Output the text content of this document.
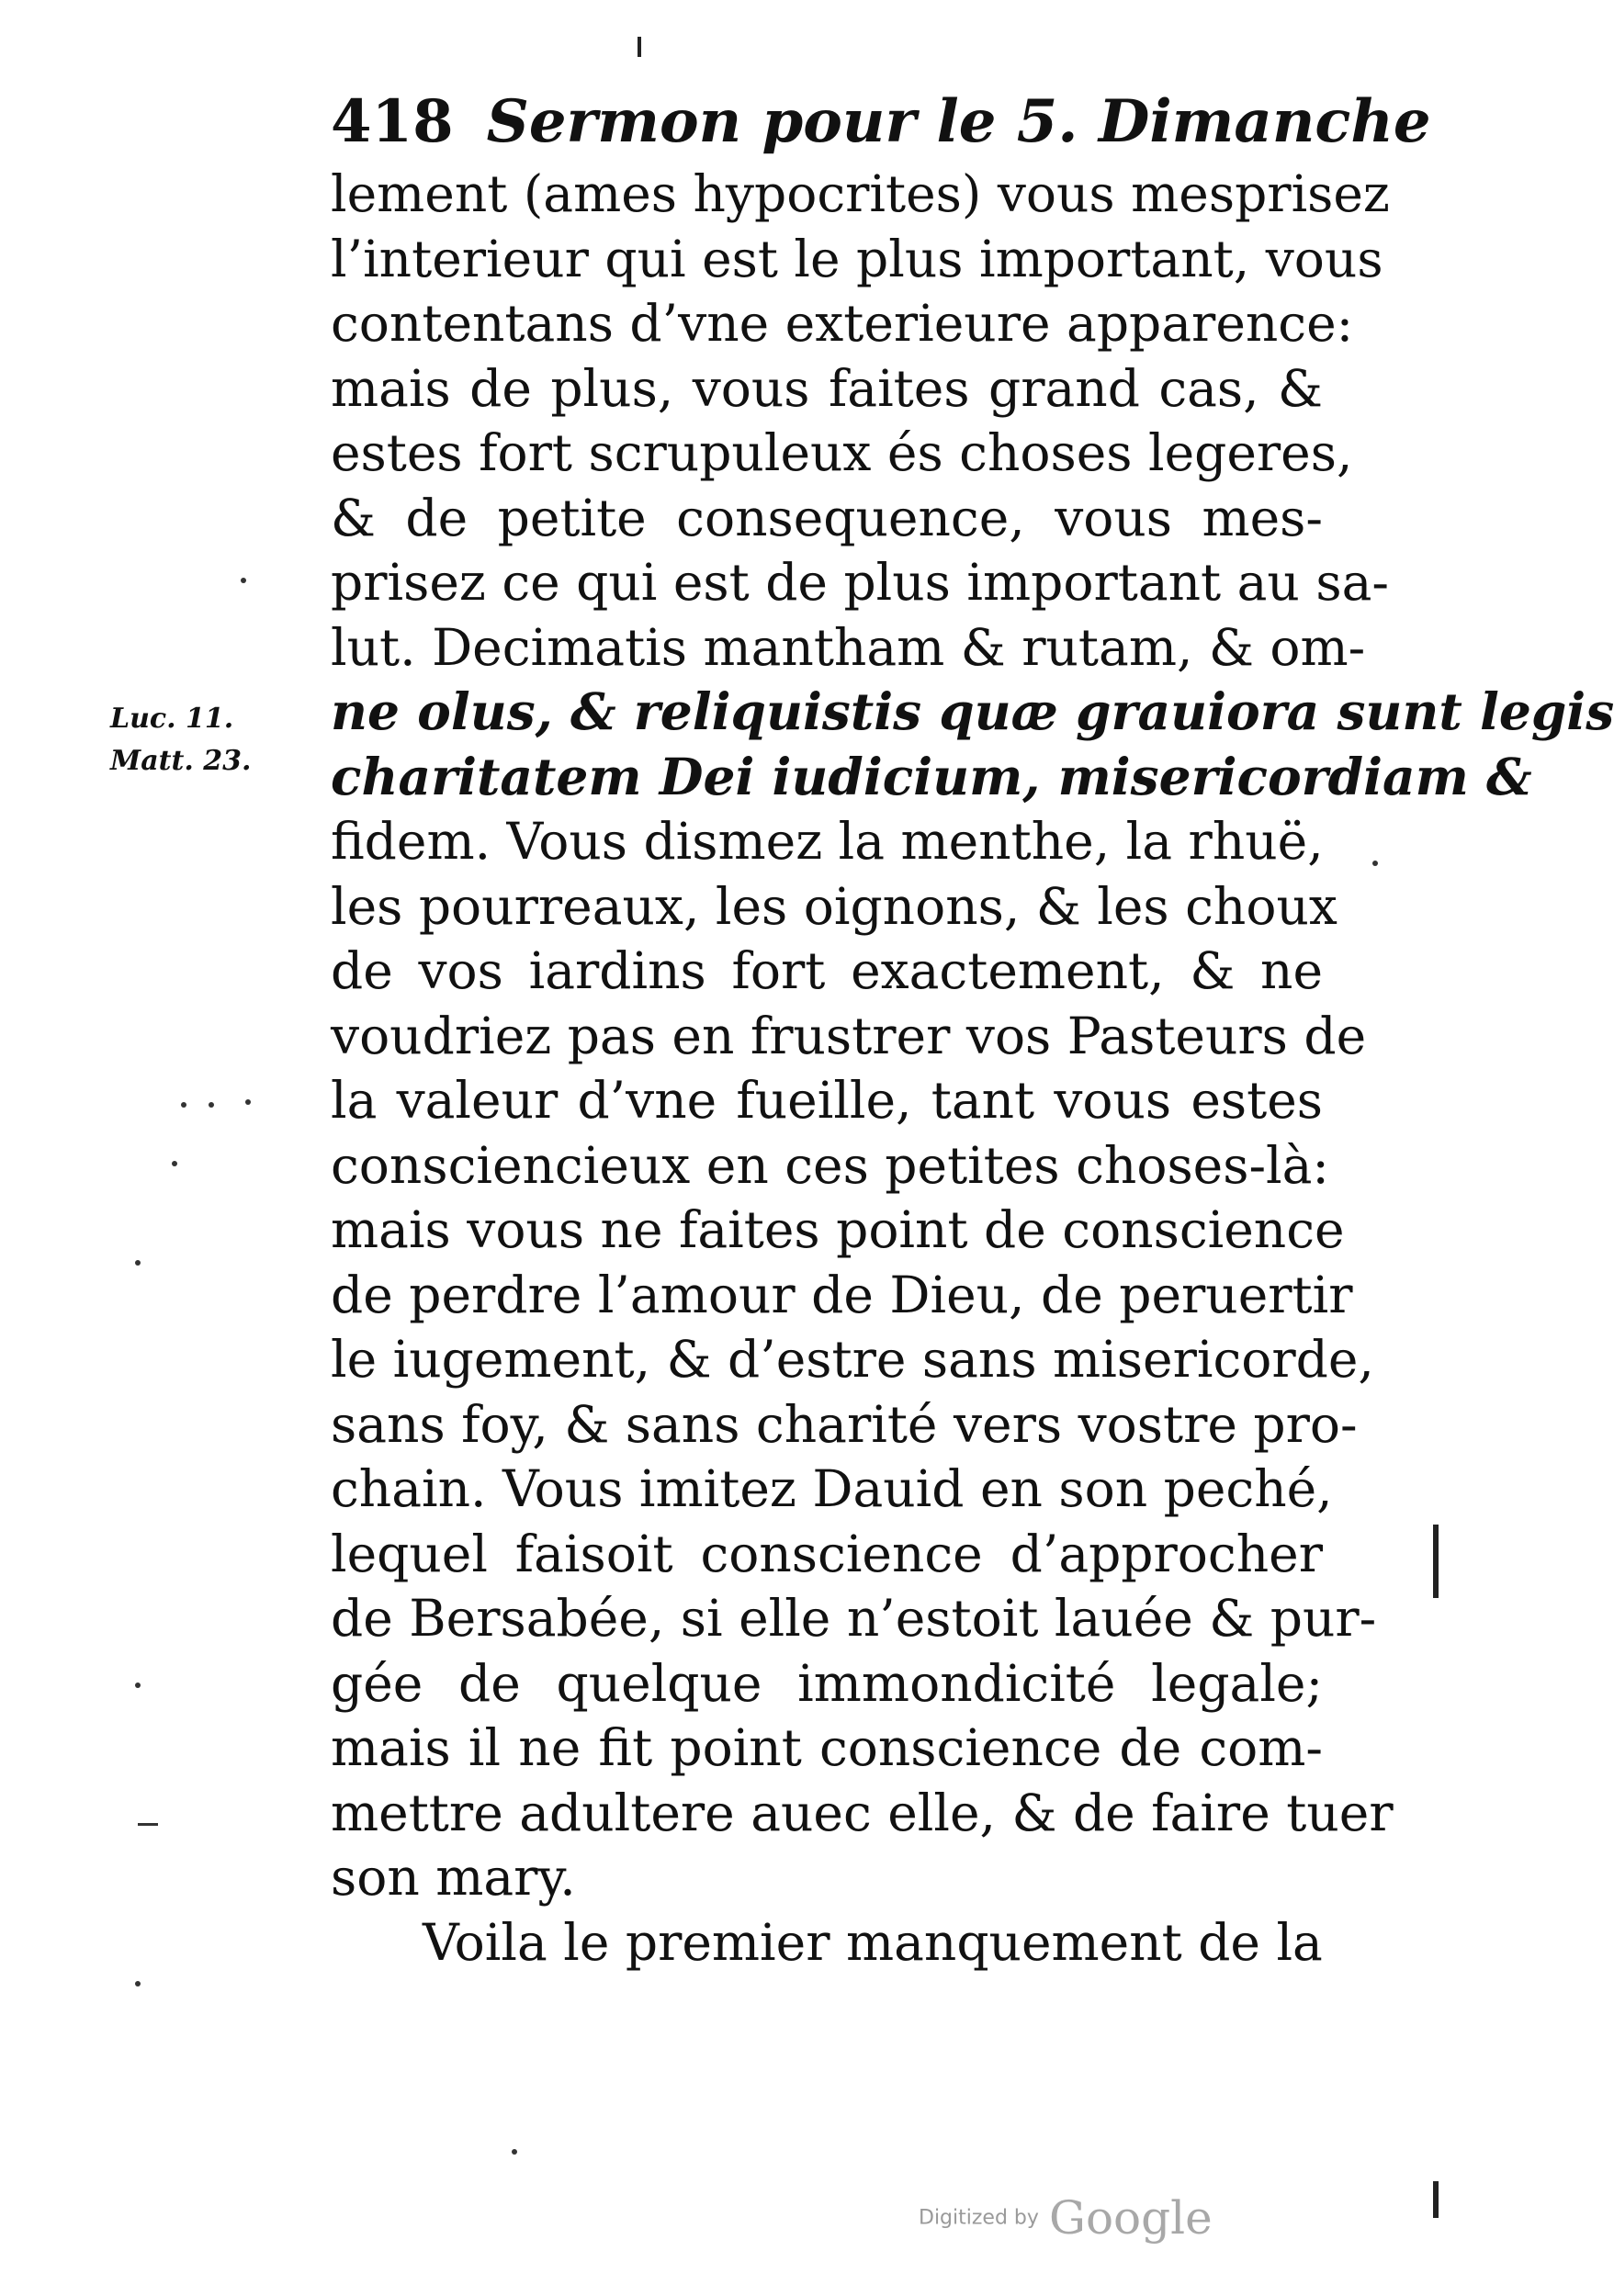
418 Sermon pour le 5. Dimanche
Luc. 11.
Matt. 23.
lement (ames hypocrites) vous mesprisez
l’interieur qui est le plus important, vous
contentans d’vne exterieure apparence:
mais de plus, vous faites grand cas, &
estes fort scrupuleux és choses legeres,
& de petite consequence, vous mes-
prisez ce qui est de plus important au sa-
lut. Decimatis mantham & rutam, & om-
ne olus, & reliquistis quæ grauiora sunt legis
charitatem Dei iudicium, misericordiam &
fidem. Vous dismez la menthe, la rhuë,
les pourreaux, les oignons, & les choux
de vos iardins fort exactement, & ne
voudriez pas en frustrer vos Pasteurs de
la valeur d’vne fueille, tant vous estes
consciencieux en ces petites choses-là:
mais vous ne faites point de conscience
de perdre l’amour de Dieu, de peruertir
le iugement, & d’estre sans misericorde,
sans foy, & sans charité vers vostre pro-
chain. Vous imitez Dauid en son peché,
lequel faisoit conscience d’approcher
de Bersabée, si elle n’estoit lauée & pur-
gée de quelque immondicité legale;
mais il ne fit point conscience de com-
mettre adultere auec elle, & de faire tuer
son mary.
Voila le premier manquement de la
Digitized by Google
